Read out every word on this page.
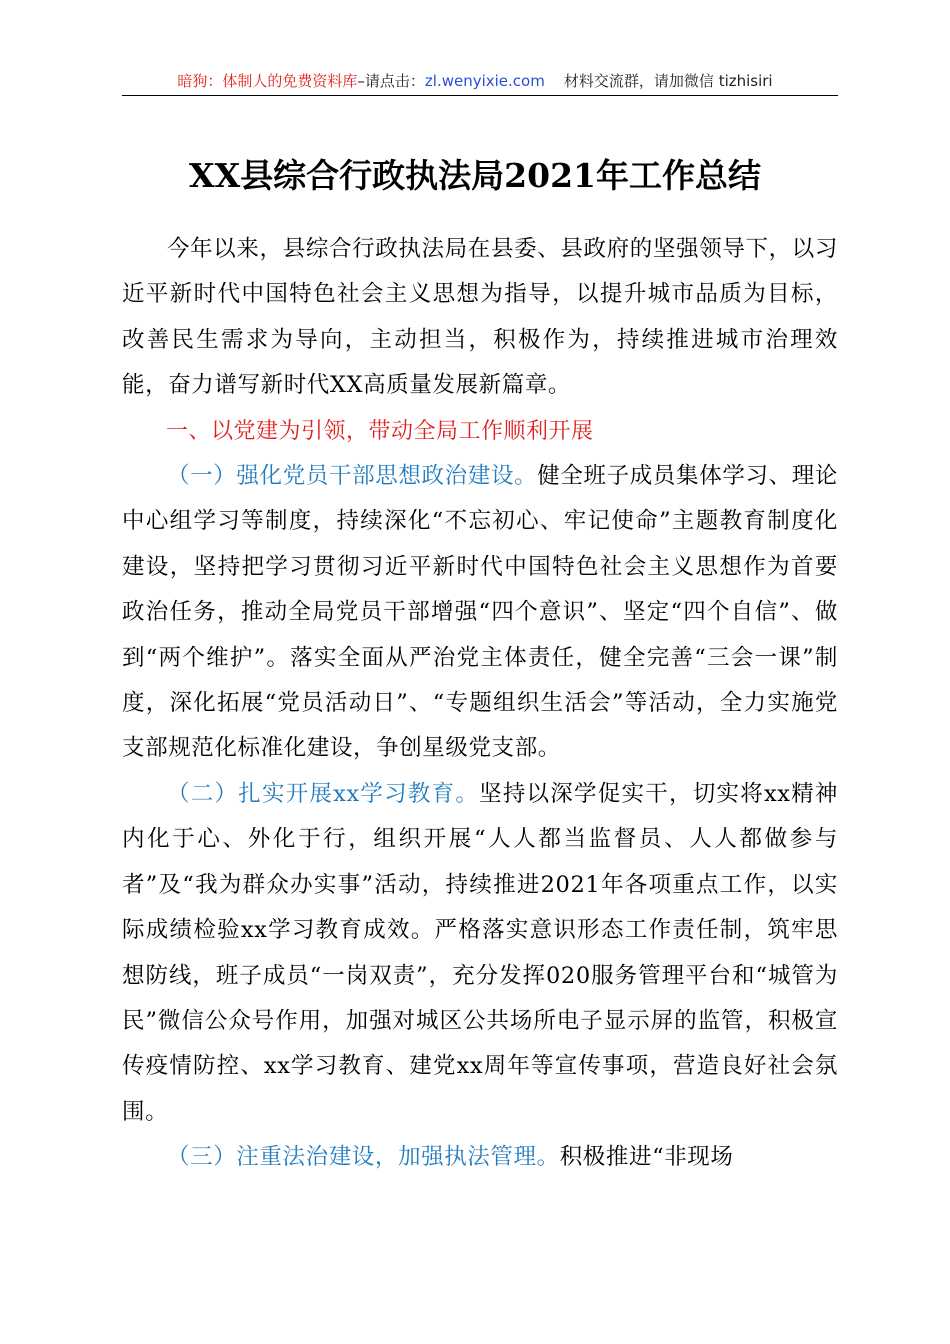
暗狗：体制人的免费资料库–请点击：zl.wenyixie.com 材料交流群，请加微信 tizhisiri
XX县综合行政执法局2021年工作总结

今年以来，县综合行政执法局在县委、县政府的坚强领导下，以习近平新时代中国特色社会主义思想为指导，以提升城市品质为目标，改善民生需求为导向，主动担当，积极作为，持续推进城市治理效能，奋力谱写新时代XX高质量发展新篇章。

一、以党建为引领，带动全局工作顺利开展

（一）强化党员干部思想政治建设。健全班子成员集体学习、理论中心组学习等制度，持续深化“不忘初心、牢记使命”主题教育制度化建设，坚持把学习贯彻习近平新时代中国特色社会主义思想作为首要政治任务，推动全局党员干部增强“四个意识”、坚定“四个自信”、做到“两个维护”。落实全面从严治党主体责任，健全完善“三会一课”制度，深化拓展“党员活动日”、“专题组织生活会”等活动，全力实施党支部规范化标准化建设，争创星级党支部。

（二）扎实开展xx学习教育。坚持以深学促实干，切实将xx精神内化于心、外化于行，组织开展“人人都当监督员、人人都做参与者”及“我为群众办实事”活动，持续推进2021年各项重点工作，以实际成绩检验xx学习教育成效。严格落实意识形态工作责任制，筑牢思想防线，班子成员“一岗双责”，充分发挥020服务管理平台和“城管为民”微信公众号作用，加强对城区公共场所电子显示屏的监管，积极宣传疫情防控、xx学习教育、建党xx周年等宣传事项，营造良好社会氛围。

（三）注重法治建设，加强执法管理。积极推进“非现场
